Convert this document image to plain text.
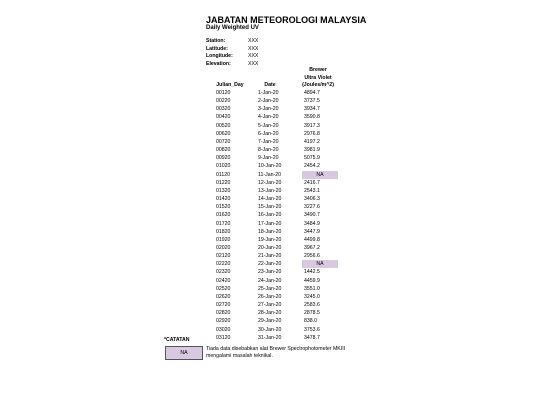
JABATAN METEOROLOGI MALAYSIA
Daily Weighted UV
Station:	XXX
Latitude:	XXX
Longitude:	XXX
Elevation:	XXX
Brewer
Ultra Violet
(Joules/m^2)
Julian_Day	Date
00120	1-Jan-20	4894.7
00220	2-Jan-20	3737.5
00320	3-Jan-20	3934.7
00420	4-Jan-20	3590.8
00520	5-Jan-20	3917.3
00620	6-Jan-20	2976.8
00720	7-Jan-20	4197.2
00820	8-Jan-20	3981.9
00920	9-Jan-20	5075.9
01020	10-Jan-20	2454.2
01120	11-Jan-20	NA
01220	12-Jan-20	2416.7
01320	13-Jan-20	2543.1
01420	14-Jan-20	3406.3
01520	15-Jan-20	3227.6
01620	16-Jan-20	3490.7
01720	17-Jan-20	3484.9
01820	18-Jan-20	3447.9
01920	19-Jan-20	4499.8
02020	20-Jan-20	3967.2
02120	21-Jan-20	2956.6
02220	22-Jan-20	NA
02320	23-Jan-20	1442.5
02420	24-Jan-20	4459.9
02520	25-Jan-20	3551.0
02620	26-Jan-20	3245.0
02720	27-Jan-20	2583.6
02820	28-Jan-20	2878.5
02920	29-Jan-20	838.0
03020	30-Jan-20	3753.6
03120	31-Jan-20	3478.7
*CATATAN
NA
Tiada data disebabkan alat Brewer Spectrophotometer MKIII
mengalami masalah teknikal.
